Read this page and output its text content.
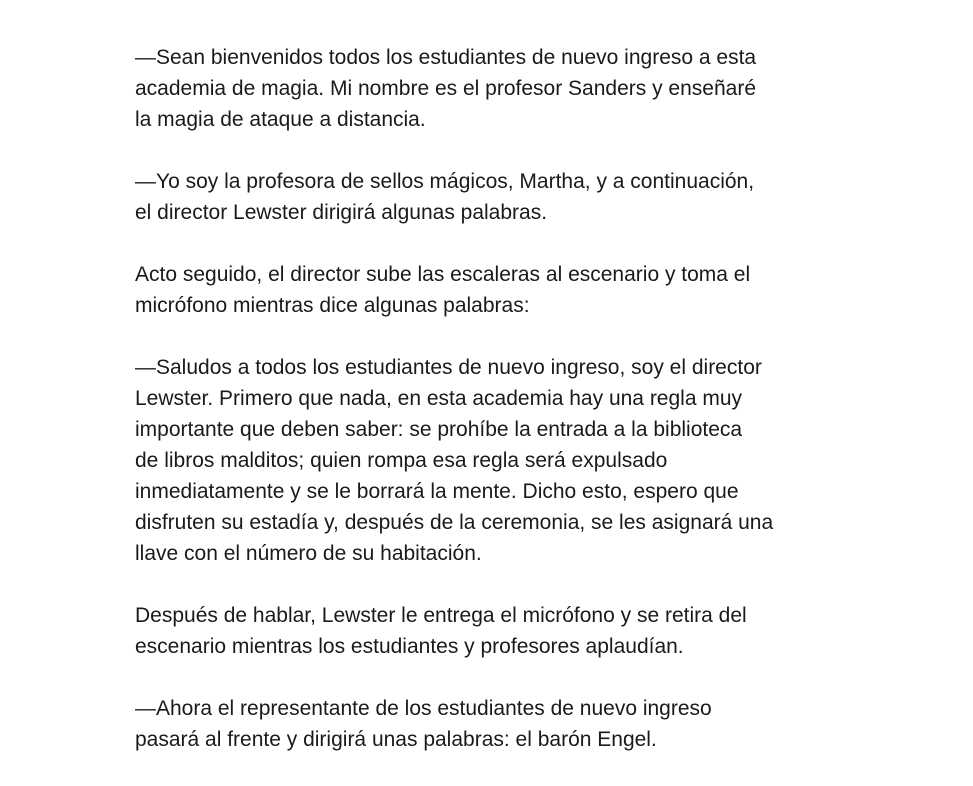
—Sean bienvenidos todos los estudiantes de nuevo ingreso a esta
academia de magia. Mi nombre es el profesor Sanders y enseñaré
la magia de ataque a distancia.

—Yo soy la profesora de sellos mágicos, Martha, y a continuación,
el director Lewster dirigirá algunas palabras.

Acto seguido, el director sube las escaleras al escenario y toma el
micrófono mientras dice algunas palabras:

—Saludos a todos los estudiantes de nuevo ingreso, soy el director
Lewster. Primero que nada, en esta academia hay una regla muy
importante que deben saber: se prohíbe la entrada a la biblioteca
de libros malditos; quien rompa esa regla será expulsado
inmediatamente y se le borrará la mente. Dicho esto, espero que
disfruten su estadía y, después de la ceremonia, se les asignará una
llave con el número de su habitación.

Después de hablar, Lewster le entrega el micrófono y se retira del
escenario mientras los estudiantes y profesores aplaudían.

—Ahora el representante de los estudiantes de nuevo ingreso
pasará al frente y dirigirá unas palabras: el barón Engel.
